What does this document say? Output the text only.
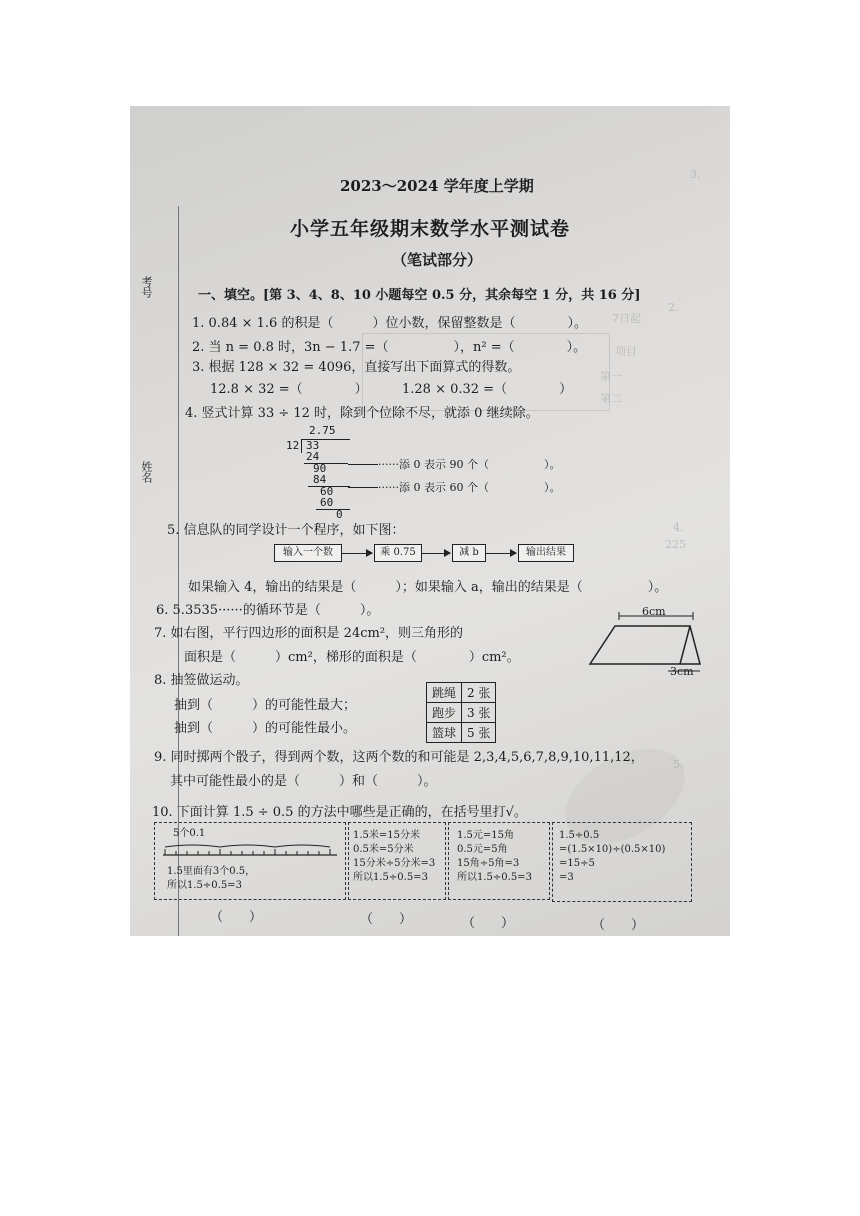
考号
姓名
3.
7日起
项目
第一
第二
4.
225
2.
5.
2023～2024 学年度上学期
小学五年级期末数学水平测试卷
（笔试部分）
一、填空。[第 3、4、8、10 小题每空 0.5 分，其余每空 1 分，共 16 分]
1. 0.84 × 1.6 的积是（　　　）位小数，保留整数是（　　　　）。
2. 当 n = 0.8 时，3n − 1.7 =（　　　　　），n² =（　　　　）。
3. 根据 128 × 32 = 4096，直接写出下面算式的得数。
12.8 × 32 =（　　　　）	1.28 × 0.32 =（　　　　）
4. 竖式计算 33 ÷ 12 时，除到个位除不尽，就添 0 继续除。
2.75
12 33
24
90
84
60
60
0
······添 0 表示 90 个（　　　　　）。
······添 0 表示 60 个（　　　　　）。
5. 信息队的同学设计一个程序，如下图：
输入一个数	乘 0.75	减 b	输出结果
如果输入 4，输出的结果是（　　　）；如果输入 a，输出的结果是（　　　　　）。
6. 5.3535······的循环节是（　　　）。
7. 如右图，平行四边形的面积是 24cm²，则三角形的
面积是（　　　）cm²，梯形的面积是（　　　　）cm²。
6cm
3cm
8. 抽签做运动。
抽到（　　　）的可能性最大；
抽到（　　　）的可能性最小。
跳绳	2 张
跑步	3 张
篮球	5 张
9. 同时掷两个骰子，得到两个数，这两个数的和可能是 2,3,4,5,6,7,8,9,10,11,12，
其中可能性最小的是（　　　）和（　　　）。
10. 下面计算 1.5 ÷ 0.5 的方法中哪些是正确的，在括号里打√。
5个0.1
1.5里面有3个0.5，
所以1.5÷0.5=3
1.5米=15分米
0.5米=5分米
15分米÷5分米=3
所以1.5÷0.5=3
1.5元=15角
0.5元=5角
15角÷5角=3
所以1.5÷0.5=3
1.5÷0.5
=(1.5×10)÷(0.5×10)
=15÷5
=3
（　　）	（　　）	（　　）	（　　）
